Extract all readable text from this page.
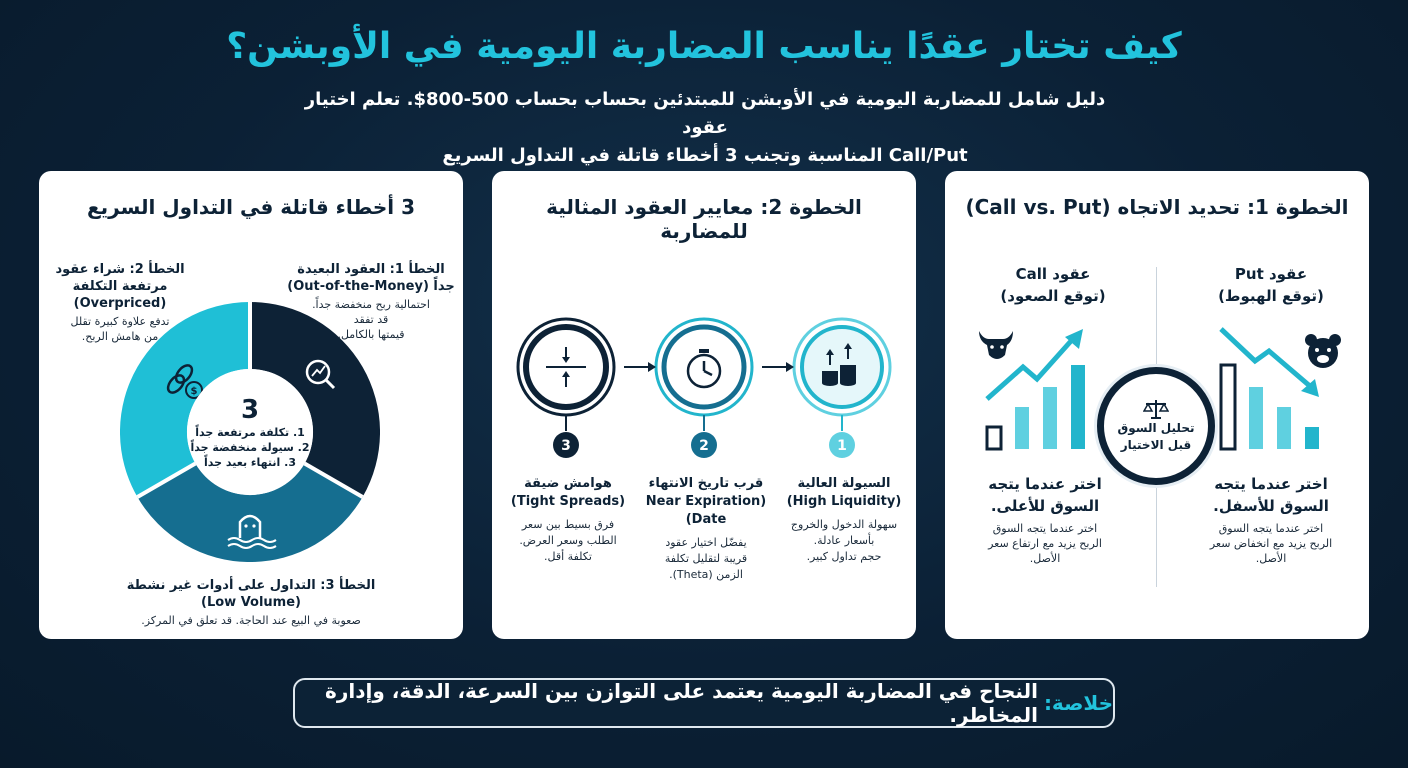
كيف تختار عقدًا يناسب المضاربة اليومية في الأوبشن؟
دليل شامل للمضاربة اليومية في الأوبشن للمبتدئين بحساب بحساب 500-800$. تعلم اختيار عقود
Call/Put المناسبة وتجنب 3 أخطاء قاتلة في التداول السريع
الخطوة 1: تحديد الاتجاه (Call vs. Put)
عقود Put
(توقع الهبوط)
اختر عندما يتجه
السوق للأسفل.
اختر عندما يتجه السوق
الربح يزيد مع انخفاض سعر
الأصل.
عقود Call
(توقع الصعود)
اختر عندما يتجه
السوق للأعلى.
اختر عندما يتجه السوق
الربح يزيد مع ارتفاع سعر
الأصل.
تحليل السوق
قبل الاختيار
الخطوة 2: معايير العقود المثالية للمضاربة
1
2
3
السيولة العالية
(High Liquidity)
سهولة الدخول والخروج
بأسعار عادلة.
حجم تداول كبير.
قرب تاريخ الانتهاء
(Near Expiration Date)
يفضّل اختيار عقود
قريبة لتقليل تكلفة
الزمن (Theta).
هوامش ضيقة
(Tight Spreads)
فرق بسيط بين سعر
الطلب وسعر العرض.
تكلفة أقل.
3 أخطاء قاتلة في التداول السريع
$
3
1. تكلفة مرتفعة جداً
2. سيولة منخفضة جداً
3. انتهاء بعيد جداً
الخطأ 1: العقود البعيدة
جداً (Out-of-the-Money)
احتمالية ربح منخفضة جداً.
قد تفقد
قيمتها بالكامل.
الخطأ 2: شراء عقود
مرتفعة التكلفة
(Overpriced)
تدفع علاوة كبيرة تقلل
من هامش الربح.
الخطأ 3: التداول على أدوات غير نشطة
(Low Volume)
صعوبة في البيع عند الحاجة. قد تعلق في المركز.
خلاصة:
النجاح في المضاربة اليومية يعتمد على التوازن بين السرعة، الدقة، وإدارة المخاطر.
